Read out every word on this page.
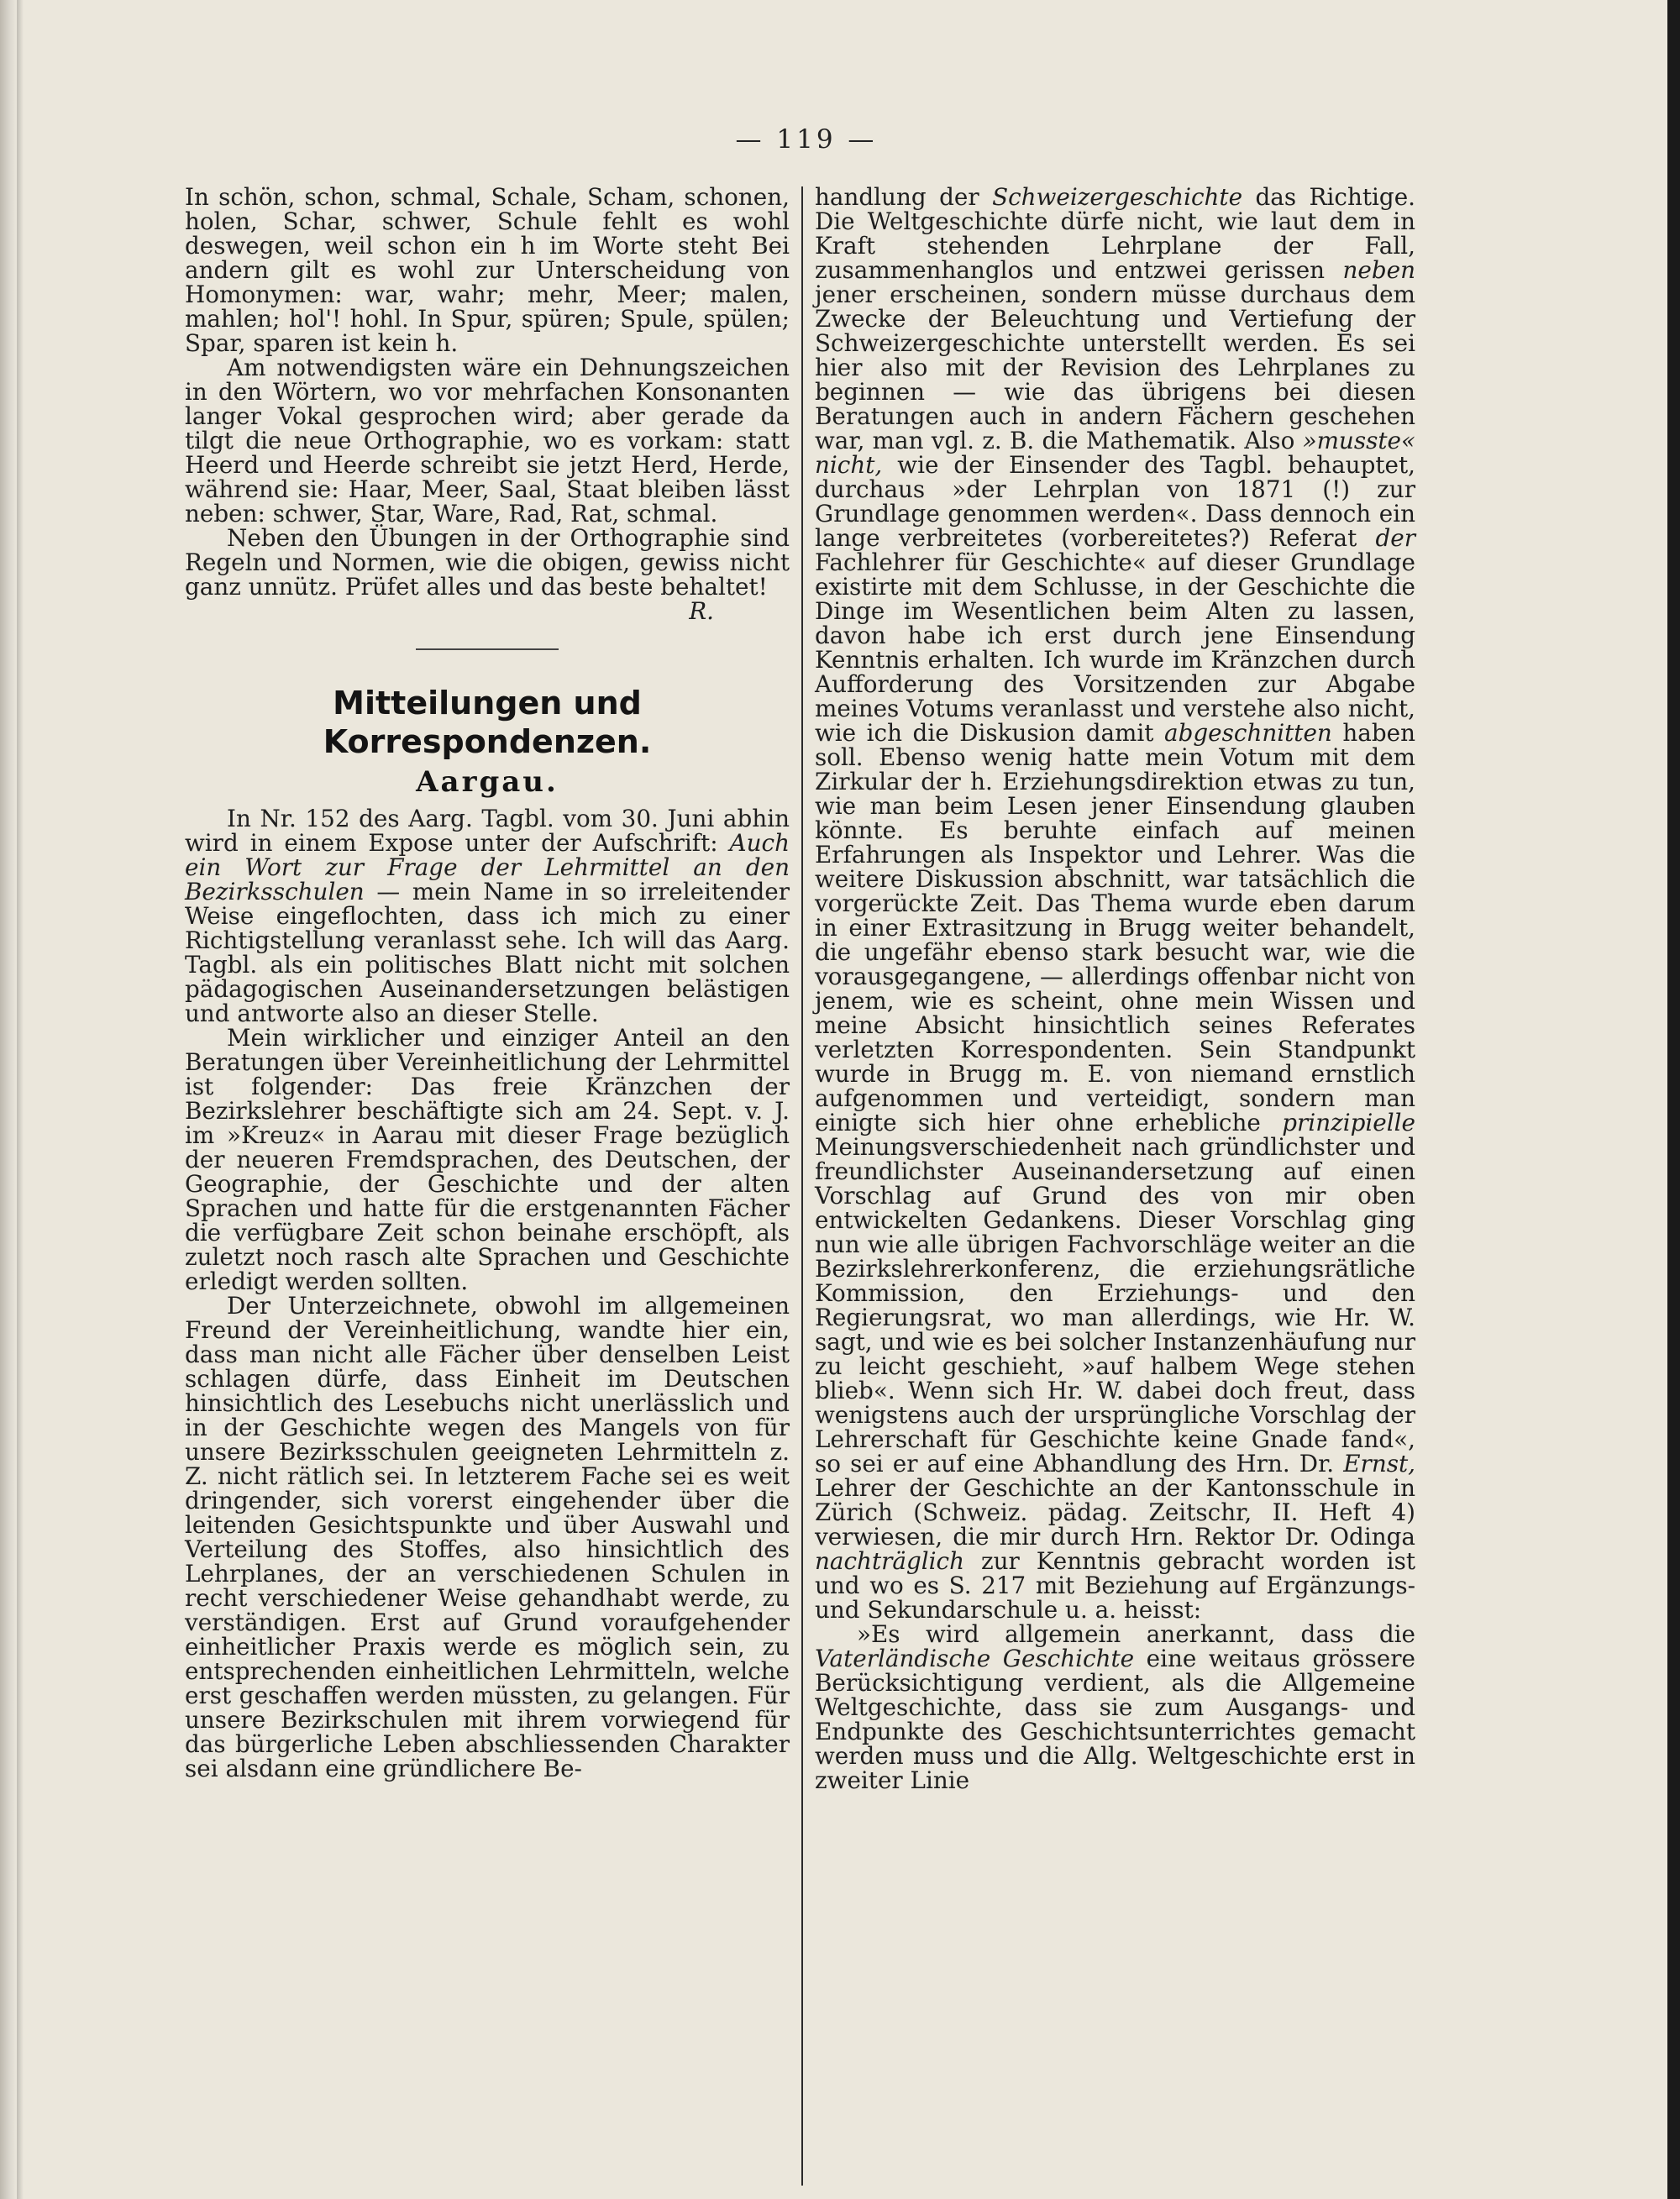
— 119 —

In schön, schon, schmal, Schale, Scham, schonen, holen, Schar, schwer, Schule fehlt es wohl deswegen, weil schon ein h im Worte steht Bei andern gilt es wohl zur Unterscheidung von Homonymen: war, wahr; mehr, Meer; malen, mahlen; hol'! hohl. In Spur, spüren; Spule, spülen; Spar, sparen ist kein h.

Am notwendigsten wäre ein Dehnungszeichen in den Wörtern, wo vor mehrfachen Konsonanten langer Vokal gesprochen wird; aber gerade da tilgt die neue Orthographie, wo es vorkam: statt Heerd und Heerde schreibt sie jetzt Herd, Herde, während sie: Haar, Meer, Saal, Staat bleiben lässt neben: schwer, Star, Ware, Rad, Rat, schmal.

Neben den Übungen in der Orthographie sind Regeln und Normen, wie die obigen, gewiss nicht ganz unnütz. Prüfet alles und das beste behaltet!

R.

Mitteilungen und Korrespondenzen.
Aargau.

In Nr. 152 des Aarg. Tagbl. vom 30. Juni abhin wird in einem Expose unter der Aufschrift: Auch ein Wort zur Frage der Lehrmittel an den Bezirksschulen — mein Name in so irreleitender Weise eingeflochten, dass ich mich zu einer Richtigstellung veranlasst sehe. Ich will das Aarg. Tagbl. als ein politisches Blatt nicht mit solchen pädagogischen Auseinandersetzungen belästigen und antworte also an dieser Stelle.

Mein wirklicher und einziger Anteil an den Beratungen über Vereinheitlichung der Lehrmittel ist folgender: Das freie Kränzchen der Bezirkslehrer beschäftigte sich am 24. Sept. v. J. im »Kreuz« in Aarau mit dieser Frage bezüglich der neueren Fremdsprachen, des Deutschen, der Geographie, der Geschichte und der alten Sprachen und hatte für die erstgenannten Fächer die verfügbare Zeit schon beinahe erschöpft, als zuletzt noch rasch alte Sprachen und Geschichte erledigt werden sollten.

Der Unterzeichnete, obwohl im allgemeinen Freund der Vereinheitlichung, wandte hier ein, dass man nicht alle Fächer über denselben Leist schlagen dürfe, dass Einheit im Deutschen hinsichtlich des Lesebuchs nicht unerlässlich und in der Geschichte wegen des Mangels von für unsere Bezirksschulen geeigneten Lehrmitteln z. Z. nicht rätlich sei. In letzterem Fache sei es weit dringender, sich vorerst eingehender über die leitenden Gesichtspunkte und über Auswahl und Verteilung des Stoffes, also hinsichtlich des Lehrplanes, der an verschiedenen Schulen in recht verschiedener Weise gehandhabt werde, zu verständigen. Erst auf Grund voraufgehender einheitlicher Praxis werde es möglich sein, zu entsprechenden einheitlichen Lehrmitteln, welche erst geschaffen werden müssten, zu gelangen. Für unsere Bezirkschulen mit ihrem vorwiegend für das bürgerliche Leben abschliessenden Charakter sei alsdann eine gründlichere Be-

handlung der Schweizergeschichte das Richtige. Die Weltgeschichte dürfe nicht, wie laut dem in Kraft stehenden Lehrplane der Fall, zusammenhanglos und entzwei gerissen neben jener erscheinen, sondern müsse durchaus dem Zwecke der Beleuchtung und Vertiefung der Schweizergeschichte unterstellt werden. Es sei hier also mit der Revision des Lehrplanes zu beginnen — wie das übrigens bei diesen Beratungen auch in andern Fächern geschehen war, man vgl. z. B. die Mathematik. Also »musste« nicht, wie der Einsender des Tagbl. behauptet, durchaus »der Lehrplan von 1871 (!) zur Grundlage genommen werden«. Dass dennoch ein lange verbreitetes (vorbereitetes?) Referat der Fachlehrer für Geschichte« auf dieser Grundlage existirte mit dem Schlusse, in der Geschichte die Dinge im Wesentlichen beim Alten zu lassen, davon habe ich erst durch jene Einsendung Kenntnis erhalten. Ich wurde im Kränzchen durch Aufforderung des Vorsitzenden zur Abgabe meines Votums veranlasst und verstehe also nicht, wie ich die Diskusion damit abgeschnitten haben soll. Ebenso wenig hatte mein Votum mit dem Zirkular der h. Erziehungsdirektion etwas zu tun, wie man beim Lesen jener Einsendung glauben könnte. Es beruhte einfach auf meinen Erfahrungen als Inspektor und Lehrer. Was die weitere Diskussion abschnitt, war tatsächlich die vorgerückte Zeit. Das Thema wurde eben darum in einer Extrasitzung in Brugg weiter behandelt, die ungefähr ebenso stark besucht war, wie die vorausgegangene, — allerdings offenbar nicht von jenem, wie es scheint, ohne mein Wissen und meine Absicht hinsichtlich seines Referates verletzten Korrespondenten. Sein Standpunkt wurde in Brugg m. E. von niemand ernstlich aufgenommen und verteidigt, sondern man einigte sich hier ohne erhebliche prinzipielle Meinungsverschiedenheit nach gründlichster und freundlichster Auseinandersetzung auf einen Vorschlag auf Grund des von mir oben entwickelten Gedankens. Dieser Vorschlag ging nun wie alle übrigen Fachvorschläge weiter an die Bezirkslehrerkonferenz, die erziehungsrätliche Kommission, den Erziehungs- und den Regierungsrat, wo man allerdings, wie Hr. W. sagt, und wie es bei solcher Instanzenhäufung nur zu leicht geschieht, »auf halbem Wege stehen blieb«. Wenn sich Hr. W. dabei doch freut, dass wenigstens auch der ursprüngliche Vorschlag der Lehrerschaft für Geschichte keine Gnade fand«, so sei er auf eine Abhandlung des Hrn. Dr. Ernst, Lehrer der Geschichte an der Kantonsschule in Zürich (Schweiz. pädag. Zeitschr, II. Heft 4) verwiesen, die mir durch Hrn. Rektor Dr. Odinga nachträglich zur Kenntnis gebracht worden ist und wo es S. 217 mit Beziehung auf Ergänzungs- und Sekundarschule u. a. heisst:

»Es wird allgemein anerkannt, dass die Vaterländische Geschichte eine weitaus grössere Berücksichtigung verdient, als die Allgemeine Weltgeschichte, dass sie zum Ausgangs- und Endpunkte des Geschichtsunterrichtes gemacht werden muss und die Allg. Weltgeschichte erst in zweiter Linie
